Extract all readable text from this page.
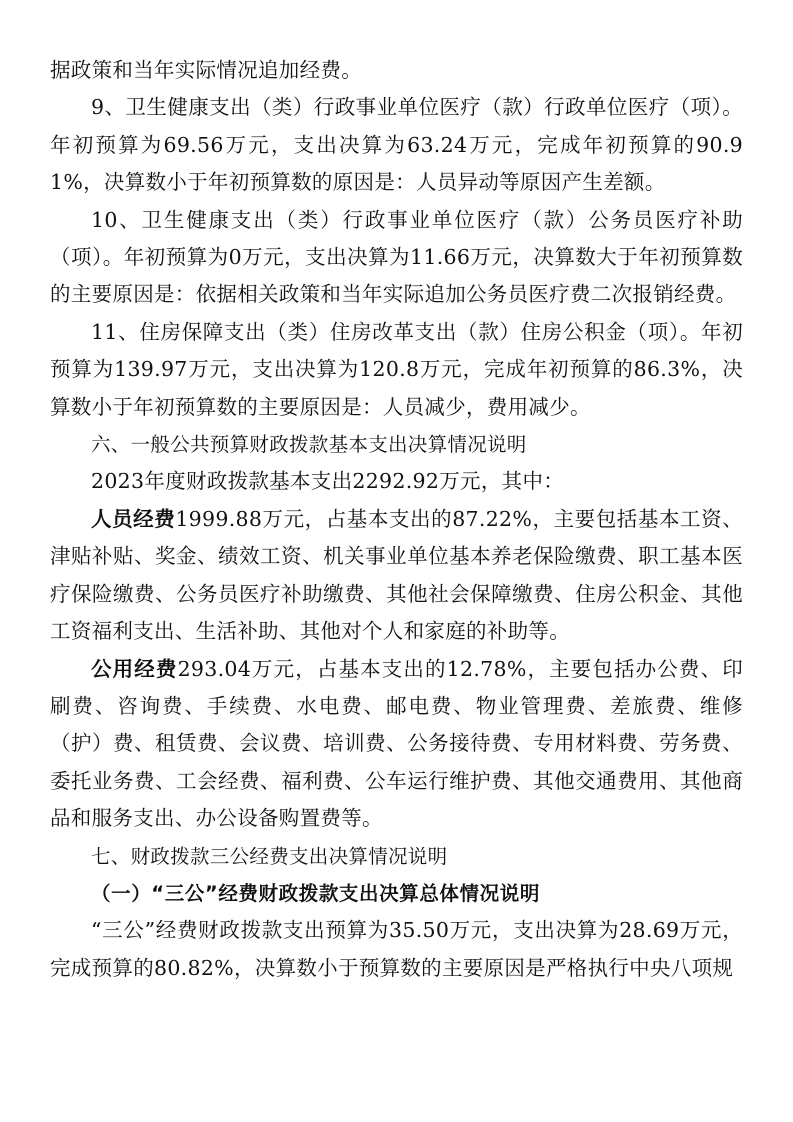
据政策和当年实际情况追加经费。

9、卫生健康支出（类）行政事业单位医疗（款）行政单位医疗（项）。年初预算为69.56万元，支出决算为63.24万元，完成年初预算的90.91%，决算数小于年初预算数的原因是：人员异动等原因产生差额。

10、卫生健康支出（类）行政事业单位医疗（款）公务员医疗补助（项）。年初预算为0万元，支出决算为11.66万元，决算数大于年初预算数的主要原因是：依据相关政策和当年实际追加公务员医疗费二次报销经费。

11、住房保障支出（类）住房改革支出（款）住房公积金（项）。年初预算为139.97万元，支出决算为120.8万元，完成年初预算的86.3%，决算数小于年初预算数的主要原因是：人员减少，费用减少。

六、一般公共预算财政拨款基本支出决算情况说明

2023年度财政拨款基本支出2292.92万元，其中：

人员经费1999.88万元，占基本支出的87.22%，主要包括基本工资、津贴补贴、奖金、绩效工资、机关事业单位基本养老保险缴费、职工基本医疗保险缴费、公务员医疗补助缴费、其他社会保障缴费、住房公积金、其他工资福利支出、生活补助、其他对个人和家庭的补助等。

公用经费293.04万元，占基本支出的12.78%，主要包括办公费、印刷费、咨询费、手续费、水电费、邮电费、物业管理费、差旅费、维修（护）费、租赁费、会议费、培训费、公务接待费、专用材料费、劳务费、委托业务费、工会经费、福利费、公车运行维护费、其他交通费用、其他商品和服务支出、办公设备购置费等。

七、财政拨款三公经费支出决算情况说明

（一）“三公”经费财政拨款支出决算总体情况说明

“三公”经费财政拨款支出预算为35.50万元，支出决算为28.69万元，完成预算的80.82%，决算数小于预算数的主要原因是严格执行中央八项规
